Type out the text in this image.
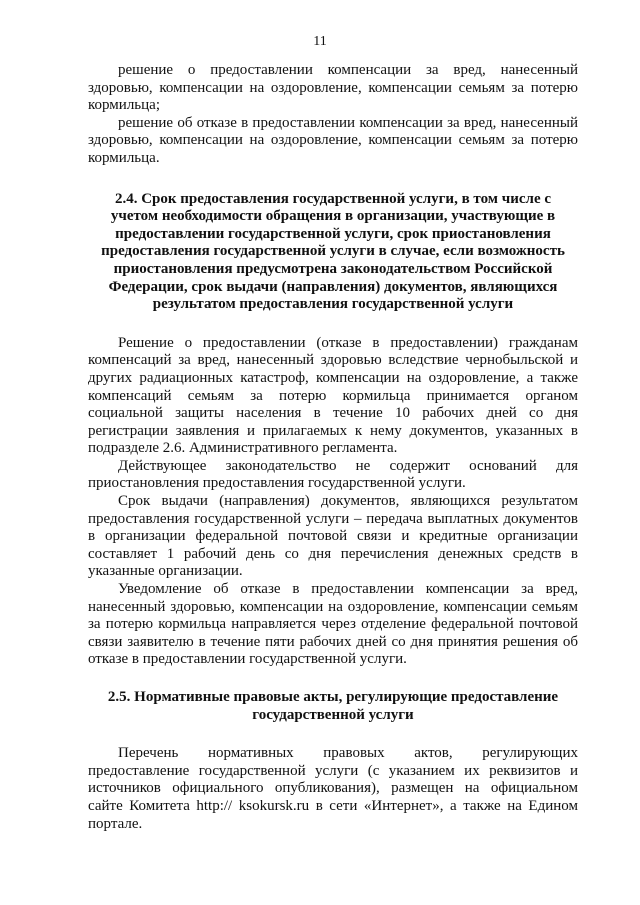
11

решение о предоставлении компенсации за вред, нанесенный здоровью, компенсации на оздоровление, компенсации семьям за потерю кормильца;

решение об отказе в предоставлении компенсации за вред, нанесенный здоровью, компенсации на оздоровление, компенсации семьям за потерю кормильца.

2.4. Срок предоставления государственной услуги, в том числе с учетом необходимости обращения в организации, участвующие в предоставлении государственной услуги, срок приостановления предоставления государственной услуги в случае, если возможность приостановления предусмотрена законодательством Российской Федерации, срок выдачи (направления) документов, являющихся результатом предоставления государственной услуги

Решение о предоставлении (отказе в предоставлении) гражданам компенсаций за вред, нанесенный здоровью вследствие чернобыльской и других радиационных катастроф, компенсации на оздоровление, а также компенсаций семьям за потерю кормильца принимается органом социальной защиты населения в течение 10 рабочих дней со дня регистрации заявления и прилагаемых к нему документов, указанных в подразделе 2.6. Административного регламента.

Действующее законодательство не содержит оснований для приостановления предоставления государственной услуги.

Срок выдачи (направления) документов, являющихся результатом предоставления государственной услуги – передача выплатных документов в организации федеральной почтовой связи и кредитные организации составляет 1 рабочий день со дня перечисления денежных средств в указанные организации.

Уведомление об отказе в предоставлении компенсации за вред, нанесенный здоровью, компенсации на оздоровление, компенсации семьям за потерю кормильца направляется через отделение федеральной почтовой связи заявителю в течение пяти рабочих дней со дня принятия решения об отказе в предоставлении государственной услуги.

2.5. Нормативные правовые акты, регулирующие предоставление государственной услуги

Перечень нормативных правовых актов, регулирующих предоставление государственной услуги (с указанием их реквизитов и источников официального опубликования), размещен на официальном сайте Комитета http:// ksokursk.ru в сети «Интернет», а также на Едином портале.
